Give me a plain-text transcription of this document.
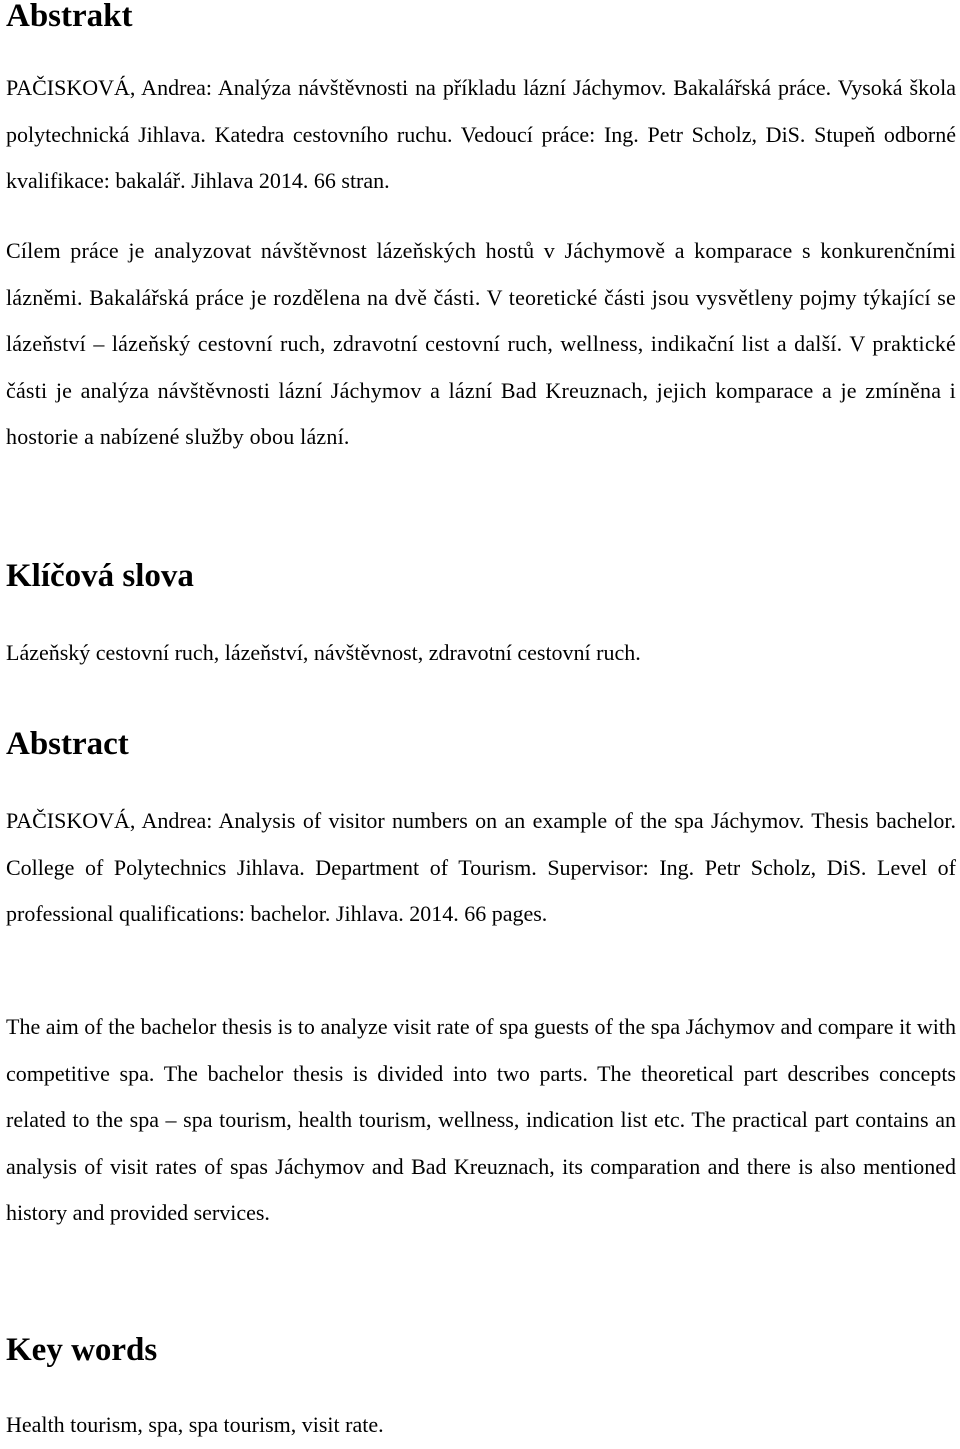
Abstrakt

PAČISKOVÁ, Andrea: Analýza návštěvnosti na příkladu lázní Jáchymov. Bakalářská práce. Vysoká škola polytechnická Jihlava. Katedra cestovního ruchu. Vedoucí práce: Ing. Petr Scholz, DiS. Stupeň odborné kvalifikace: bakalář. Jihlava 2014. 66 stran.

Cílem práce je analyzovat návštěvnost lázeňských hostů v Jáchymově a komparace s konkurenčními lázněmi. Bakalářská práce je rozdělena na dvě části. V teoretické části jsou vysvětleny pojmy týkající se lázeňství – lázeňský cestovní ruch, zdravotní cestovní ruch, wellness, indikační list a další. V praktické části je analýza návštěvnosti lázní Jáchymov a lázní Bad Kreuznach, jejich komparace a je zmíněna i hostorie a nabízené služby obou lázní.

Klíčová slova

Lázeňský cestovní ruch, lázeňství, návštěvnost, zdravotní cestovní ruch.

Abstract

PAČISKOVÁ, Andrea: Analysis of visitor numbers on an example of the spa Jáchymov. Thesis bachelor. College of Polytechnics Jihlava. Department of Tourism. Supervisor: Ing. Petr Scholz, DiS. Level of professional qualifications: bachelor. Jihlava. 2014. 66 pages.

The aim of the bachelor thesis is to analyze visit rate of spa guests of the spa Jáchymov and compare it with competitive spa. The bachelor thesis is divided into two parts. The theoretical part describes concepts related to the spa – spa tourism, health tourism, wellness, indication list etc. The practical part contains an analysis of visit rates of spas Jáchymov and Bad Kreuznach, its comparation and there is also mentioned history and provided services.

Key words

Health tourism, spa, spa tourism, visit rate.
